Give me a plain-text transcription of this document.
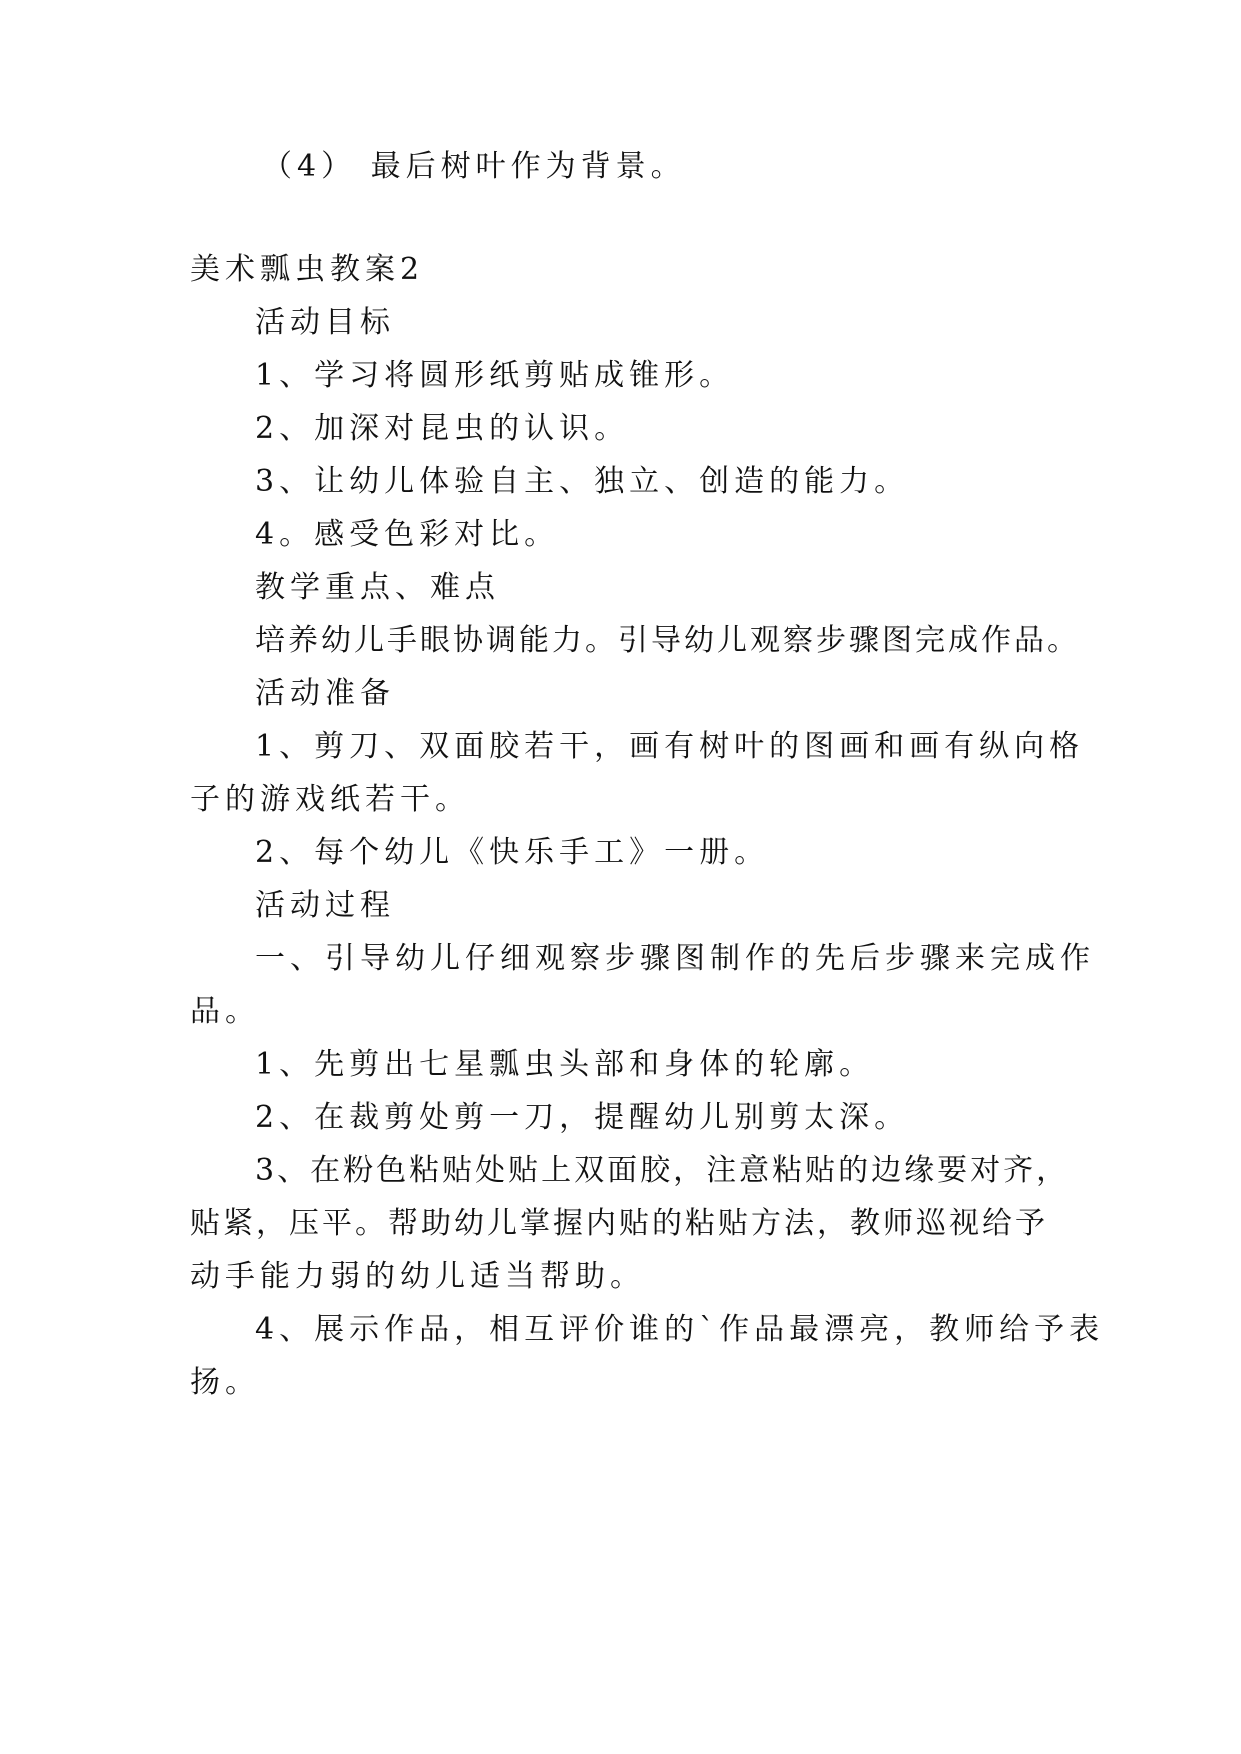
（4） 最后树叶作为背景。
美术瓢虫教案2
活动目标
1、学习将圆形纸剪贴成锥形。
2、加深对昆虫的认识。
3、让幼儿体验自主、独立、创造的能力。
4。感受色彩对比。
教学重点、难点
培养幼儿手眼协调能力。引导幼儿观察步骤图完成作品。
活动准备
1、剪刀、双面胶若干，画有树叶的图画和画有纵向格
子的游戏纸若干。
2、每个幼儿《快乐手工》一册。
活动过程
一、引导幼儿仔细观察步骤图制作的先后步骤来完成作
品。
1、先剪出七星瓢虫头部和身体的轮廓。
2、在裁剪处剪一刀，提醒幼儿别剪太深。
3、在粉色粘贴处贴上双面胶，注意粘贴的边缘要对齐，
贴紧，压平。帮助幼儿掌握内贴的粘贴方法，教师巡视给予
动手能力弱的幼儿适当帮助。
4、展示作品，相互评价谁的`作品最漂亮，教师给予表
扬。
